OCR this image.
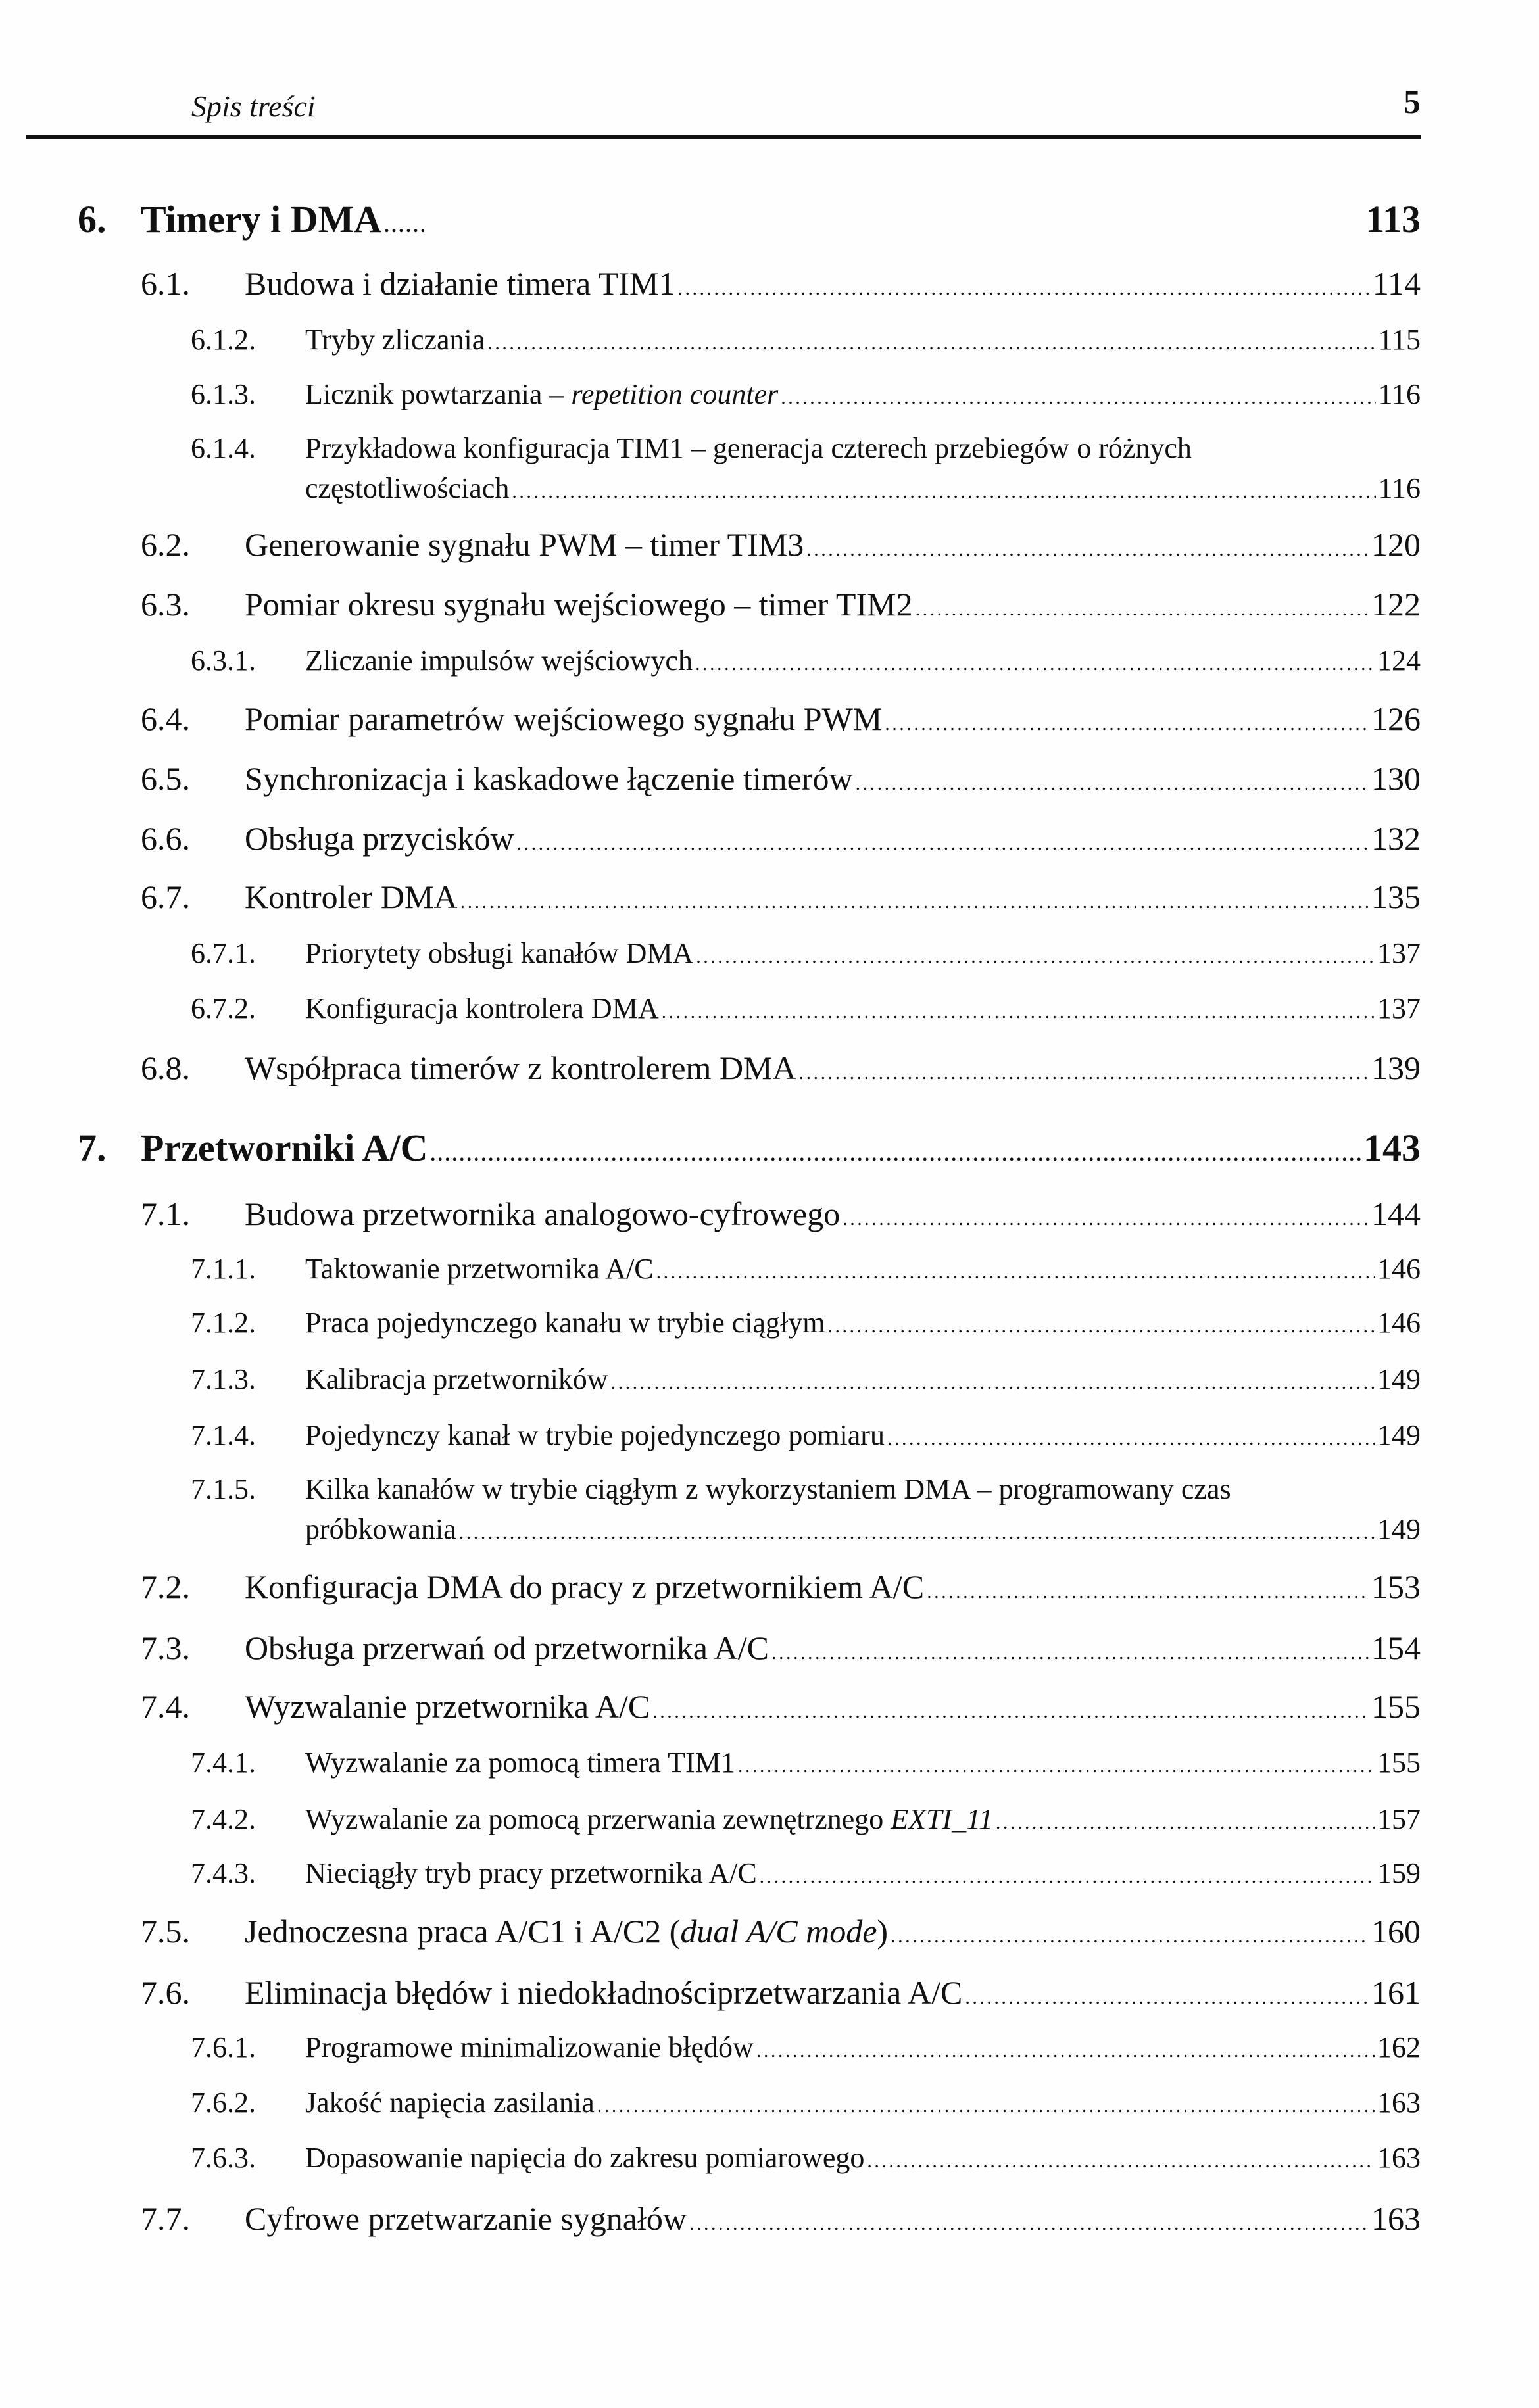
Spis treści	5
6. Timery i DMA . . .	113
6.1. Budowa i działanie timera TIM1 . . .	114
6.1.2. Tryby zliczania . . .	115
6.1.3. Licznik powtarzania – repetition counter . . .	116
6.1.4. Przykładowa konfiguracja TIM1 – generacja czterech przebiegów o różnych
częstotliwościach . . .	116
6.2. Generowanie sygnału PWM – timer TIM3 . . .	120
6.3. Pomiar okresu sygnału wejściowego – timer TIM2 . . .	122
6.3.1. Zliczanie impulsów wejściowych . . .	124
6.4. Pomiar parametrów wejściowego sygnału PWM . . .	126
6.5. Synchronizacja i kaskadowe łączenie timerów . . .	130
6.6. Obsługa przycisków . . .	132
6.7. Kontroler DMA . . .	135
6.7.1. Priorytety obsługi kanałów DMA . . .	137
6.7.2. Konfiguracja kontrolera DMA . . .	137
6.8. Współpraca timerów z kontrolerem DMA . . .	139
7. Przetworniki A/C . . .	143
7.1. Budowa przetwornika analogowo-cyfrowego . . .	144
7.1.1. Taktowanie przetwornika A/C . . .	146
7.1.2. Praca pojedynczego kanału w trybie ciągłym . . .	146
7.1.3. Kalibracja przetworników . . .	149
7.1.4. Pojedynczy kanał w trybie pojedynczego pomiaru . . .	149
7.1.5. Kilka kanałów w trybie ciągłym z wykorzystaniem DMA – programowany czas
próbkowania . . .	149
7.2. Konfiguracja DMA do pracy z przetwornikiem A/C . . .	153
7.3. Obsługa przerwań od przetwornika A/C . . .	154
7.4. Wyzwalanie przetwornika A/C . . .	155
7.4.1. Wyzwalanie za pomocą timera TIM1 . . .	155
7.4.2. Wyzwalanie za pomocą przerwania zewnętrznego EXTI_11 . . .	157
7.4.3. Nieciągły tryb pracy przetwornika A/C . . .	159
7.5. Jednoczesna praca A/C1 i A/C2 (dual A/C mode) . . .	160
7.6. Eliminacja błędów i niedokładnościprzetwarzania A/C . . .	161
7.6.1. Programowe minimalizowanie błędów . . .	162
7.6.2. Jakość napięcia zasilania . . .	163
7.6.3. Dopasowanie napięcia do zakresu pomiarowego . . .	163
7.7. Cyfrowe przetwarzanie sygnałów . . .	163
